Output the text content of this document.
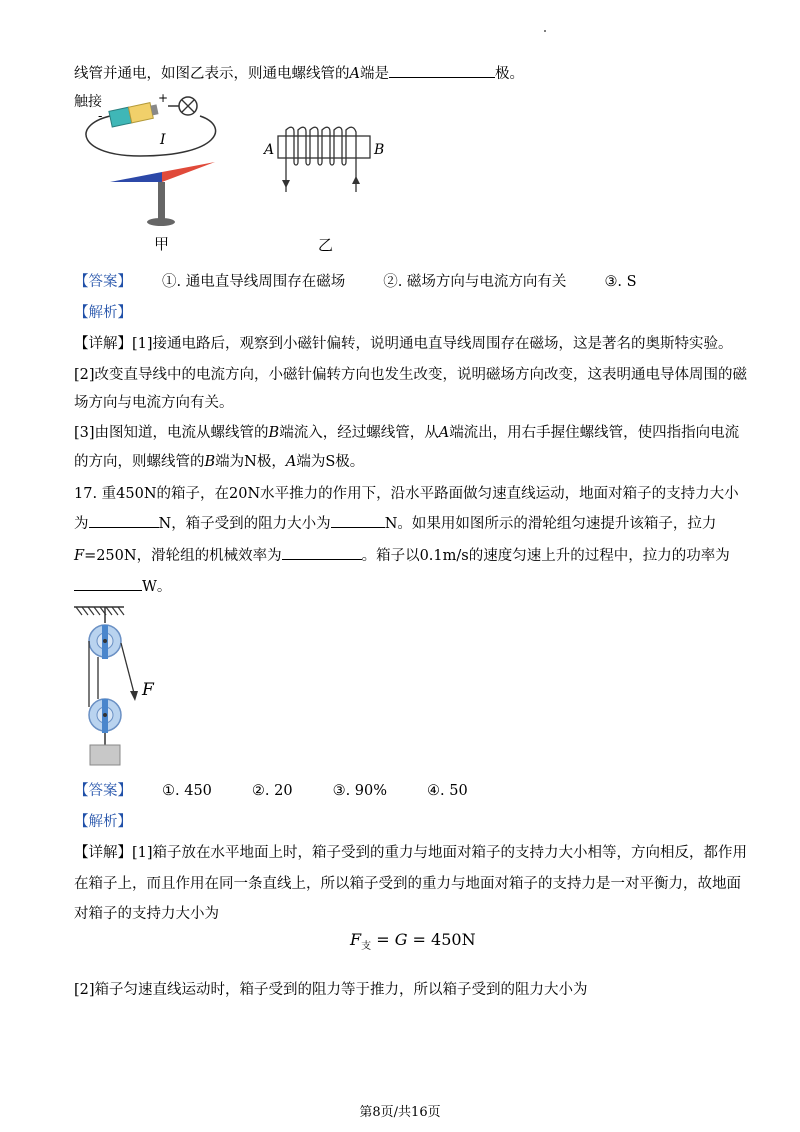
线管并通电，如图乙表示，则通电螺线管的A端是	极。
触接
-
+
I
甲
A	B
乙
【答案】 ①. 通电直导线周围存在磁场	②. 磁场方向与电流方向有关	③. S
【解析】
【详解】[1]接通电路后，观察到小磁针偏转，说明通电直导线周围存在磁场，这是著名的奥斯特实验。
[2]改变直导线中的电流方向，小磁针偏转方向也发生改变，说明磁场方向改变，这表明通电导体周围的磁
场方向与电流方向有关。
[3]由图知道，电流从螺线管的B端流入，经过螺线管，从A端流出，用右手握住螺线管，使四指指向电流
的方向，则螺线管的B端为N极，A端为S极。
17. 重450N的箱子，在20N水平推力的作用下，沿水平路面做匀速直线运动，地面对箱子的支持力大小
为	N，箱子受到的阻力大小为	N。如果用如图所示的滑轮组匀速提升该箱子，拉力
F=250N，滑轮组的机械效率为	。箱子以0.1m/s的速度匀速上升的过程中，拉力的功率为
W。
F
【答案】 ①. 450	②. 20	③. 90%	④. 50
【解析】
【详解】[1]箱子放在水平地面上时，箱子受到的重力与地面对箱子的支持力大小相等，方向相反，都作用
在箱子上，而且作用在同一条直线上，所以箱子受到的重力与地面对箱子的支持力是一对平衡力，故地面
对箱子的支持力大小为
$F_支 = G = 450N$
[2]箱子匀速直线运动时，箱子受到的阻力等于推力，所以箱子受到的阻力大小为
第8页/共16页
